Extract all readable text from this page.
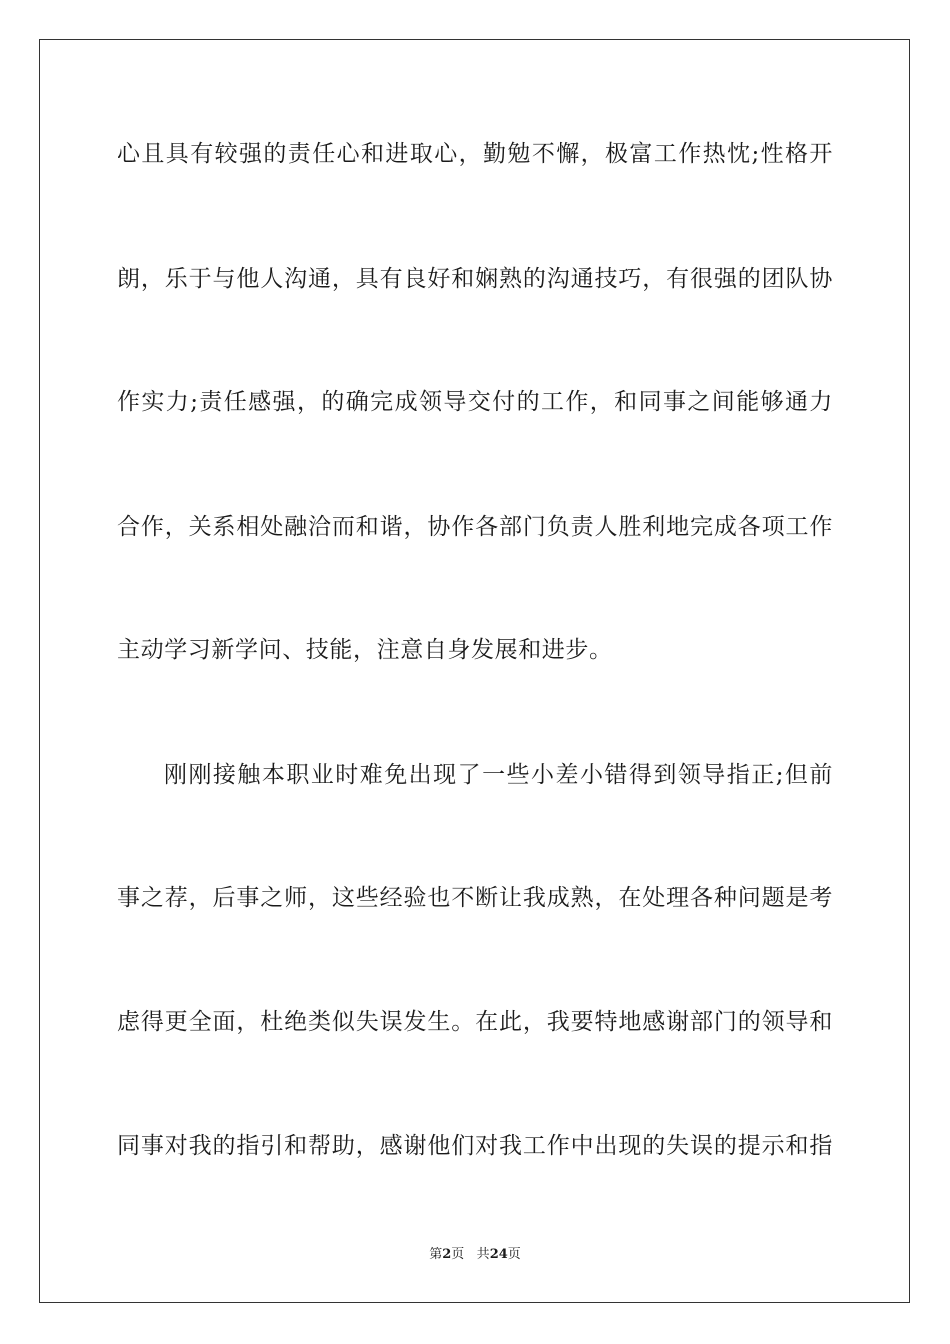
心且具有较强的责任心和进取心，勤勉不懈，极富工作热忱;性格开
朗，乐于与他人沟通，具有良好和娴熟的沟通技巧，有很强的团队协
作实力;责任感强，的确完成领导交付的工作，和同事之间能够通力
合作，关系相处融洽而和谐，协作各部门负责人胜利地完成各项工作
主动学习新学问、技能，注意自身发展和进步。
刚刚接触本职业时难免出现了一些小差小错得到领导指正;但前
事之荐，后事之师，这些经验也不断让我成熟，在处理各种问题是考
虑得更全面，杜绝类似失误发生。在此，我要特地感谢部门的领导和
同事对我的指引和帮助，感谢他们对我工作中出现的失误的提示和指
第2页 共24页
